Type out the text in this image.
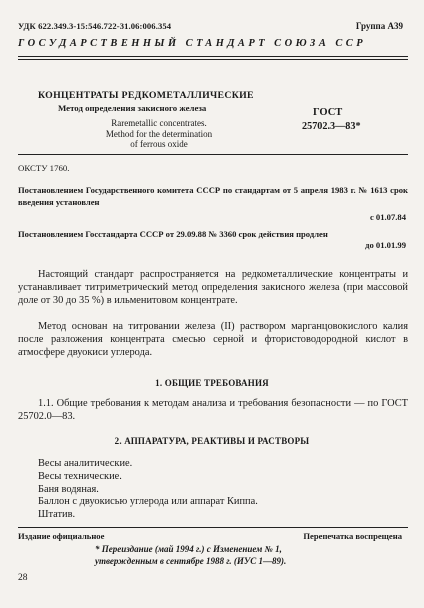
УДК 622.349.3-15:546.722-31.06:006.354	Группа А39
ГОСУДАРСТВЕННЫЙ СТАНДАРТ СОЮЗА ССР
КОНЦЕНТРАТЫ РЕДКОМЕТАЛЛИЧЕСКИЕ
Метод определения закисного железа
Raremetallic concentrates.
Method for the determination
of ferrous oxide
ГОСТ
25702.3—83*
ОКСТУ 1760.
Постановлением Государственного комитета СССР по стандартам от 5 апреля 1983 г. № 1613 срок введения установлен
с 01.07.84
Постановлением Госстандарта СССР от 29.09.88 № 3360 срок действия продлен
до 01.01.99

Настоящий стандарт распространяется на редкометаллические концентраты и устанавливает титриметрический метод определения закисного железа (при массовой доле от 30 до 35 %) в ильменитовом концентрате.

Метод основан на титровании железа (II) раствором марганцовокислого калия после разложения концентрата смесью серной и фтористоводородной кислот в атмосфере двуокиси углерода.

1. ОБЩИЕ ТРЕБОВАНИЯ

1.1. Общие требования к методам анализа и требования безопасности — по ГОСТ 25702.0—83.

2. АППАРАТУРА, РЕАКТИВЫ И РАСТВОРЫ
Весы аналитические.
Весы технические.
Баня водяная.
Баллон с двуокисью углерода или аппарат Киппа.
Штатив.
Издание официальное	Перепечатка воспрещена
* Переиздание (май 1994 г.) с Изменением № 1,
утвержденным в сентябре 1988 г. (ИУС 1—89).
28
